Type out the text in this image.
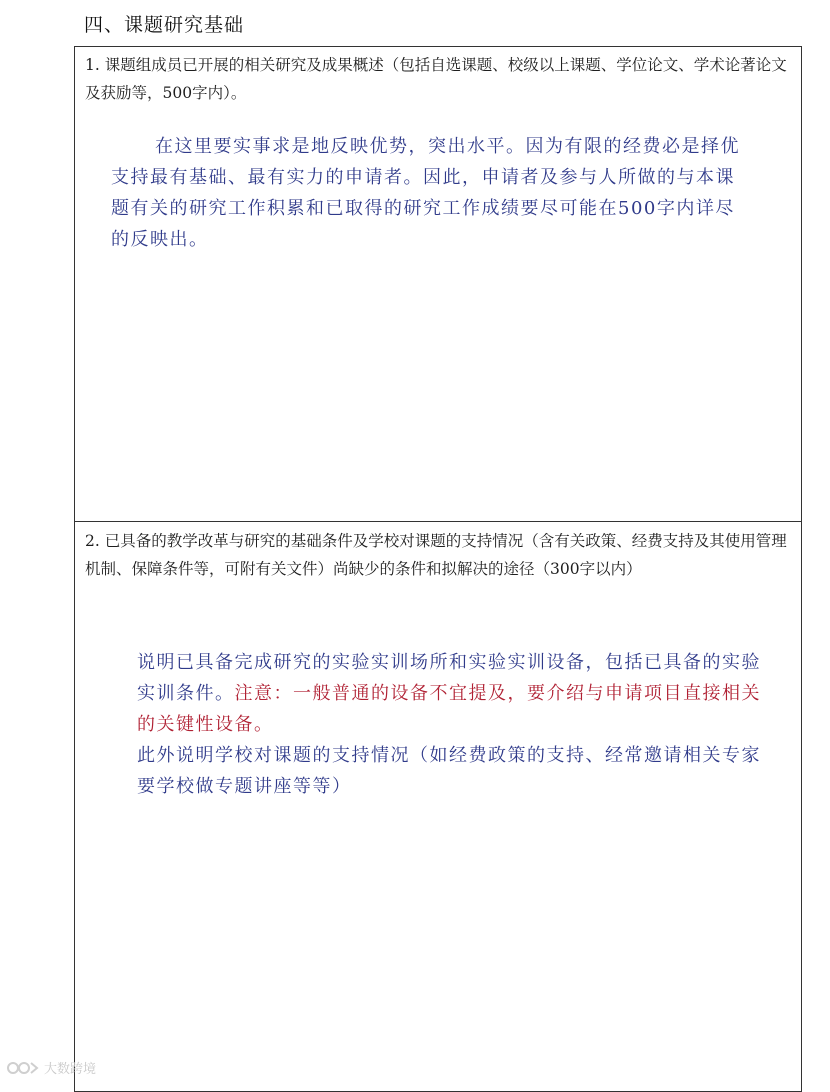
四、课题研究基础
1. 课题组成员已开展的相关研究及成果概述（包括自选课题、校级以上课题、学位论文、学术论著论文及获励等，500字内）。
在这里要实事求是地反映优势，突出水平。因为有限的经费必是择优支持最有基础、最有实力的申请者。因此，申请者及参与人所做的与本课题有关的研究工作积累和已取得的研究工作成绩要尽可能在500字内详尽的反映出。
2. 已具备的教学改革与研究的基础条件及学校对课题的支持情况（含有关政策、经费支持及其使用管理机制、保障条件等，可附有关文件）尚缺少的条件和拟解决的途径（300字以内）

说明已具备完成研究的实验实训场所和实验实训设备，包括已具备的实验实训条件。注意：一般普通的设备不宜提及，要介绍与申请项目直接相关的关键性设备。

此外说明学校对课题的支持情况（如经费政策的支持、经常邀请相关专家要学校做专题讲座等等）

大数跨境
